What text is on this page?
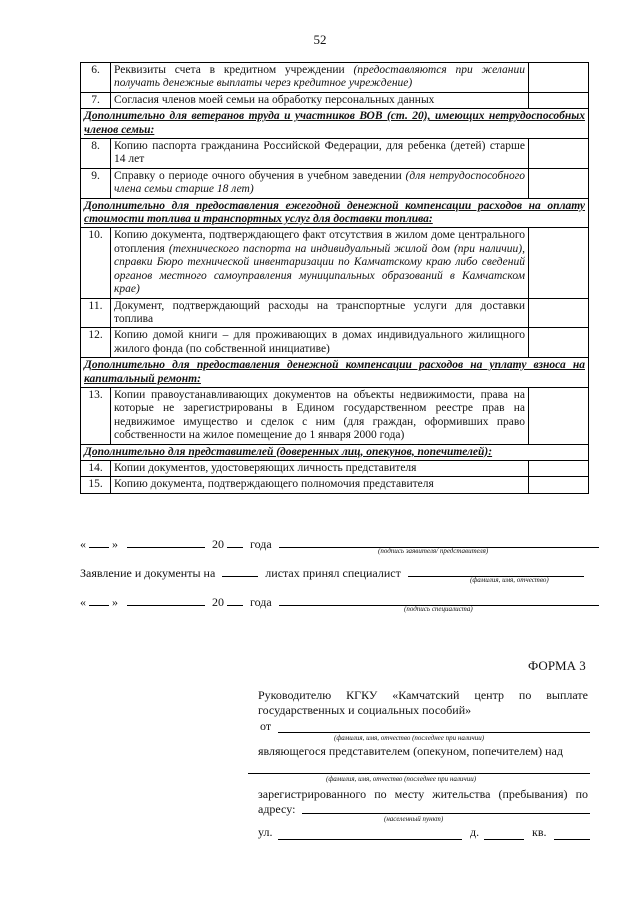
52
6.	Реквизиты счета в кредитном учреждении (предоставляются при желании получать денежные выплаты через кредитное учреждение)	
7.	Согласия членов моей семьи на обработку персональных данных	
Дополнительно для ветеранов труда и участников ВОВ (ст. 20), имеющих нетрудоспособных членов семьи:		
8.	Копию паспорта гражданина Российской Федерации, для ребенка (детей) старше 14 лет	
9.	Справку о периоде очного обучения в учебном заведении (для нетрудоспособного члена семьи старше 18 лет)	
Дополнительно для предоставления ежегодной денежной компенсации расходов на оплату стоимости топлива и транспортных услуг для доставки топлива:		
10.	Копию документа, подтверждающего факт отсутствия в жилом доме центрального отопления (технического паспорта на индивидуальный жилой дом (при наличии), справки Бюро технической инвентаризации по Камчатскому краю либо сведений органов местного самоуправления муниципальных образований в Камчатском крае)	
11.	Документ, подтверждающий расходы на транспортные услуги для доставки топлива	
12.	Копию домой книги – для проживающих в домах индивидуального жилищного жилого фонда (по собственной инициативе)	
Дополнительно для предоставления денежной компенсации расходов на уплату взноса на капитальный ремонт:		
13.	Копии правоустанавливающих документов на объекты недвижимости, права на которые не зарегистрированы в Едином государственном реестре прав на недвижимое имущество и сделок с ним (для граждан, оформивших право собственности на жилое помещение до 1 января 2000 года)	
Дополнительно для представителей (доверенных лиц, опекунов, попечителей):		
14.	Копии документов, удостоверяющих личность представителя	
15.	Копию документа, подтверждающего полномочия представителя	
« »	20 года	(подпись заявителя/ представителя)
Заявление и документы на	листах принял специалист	(фамилия, имя, отчество)
« »	20 года	(подпись специалиста)
ФОРМА 3
Руководителю КГКУ «Камчатский центр по выплате государственных и социальных пособий»
от
(фамилия, имя, отчество (последнее при наличии)
являющегося представителем (опекуном, попечителем) над
(фамилия, имя, отчество (последнее при наличии)
зарегистрированного по месту жительства (пребывания) по адресу:
(населенный пункт)
ул.	д.	кв.
